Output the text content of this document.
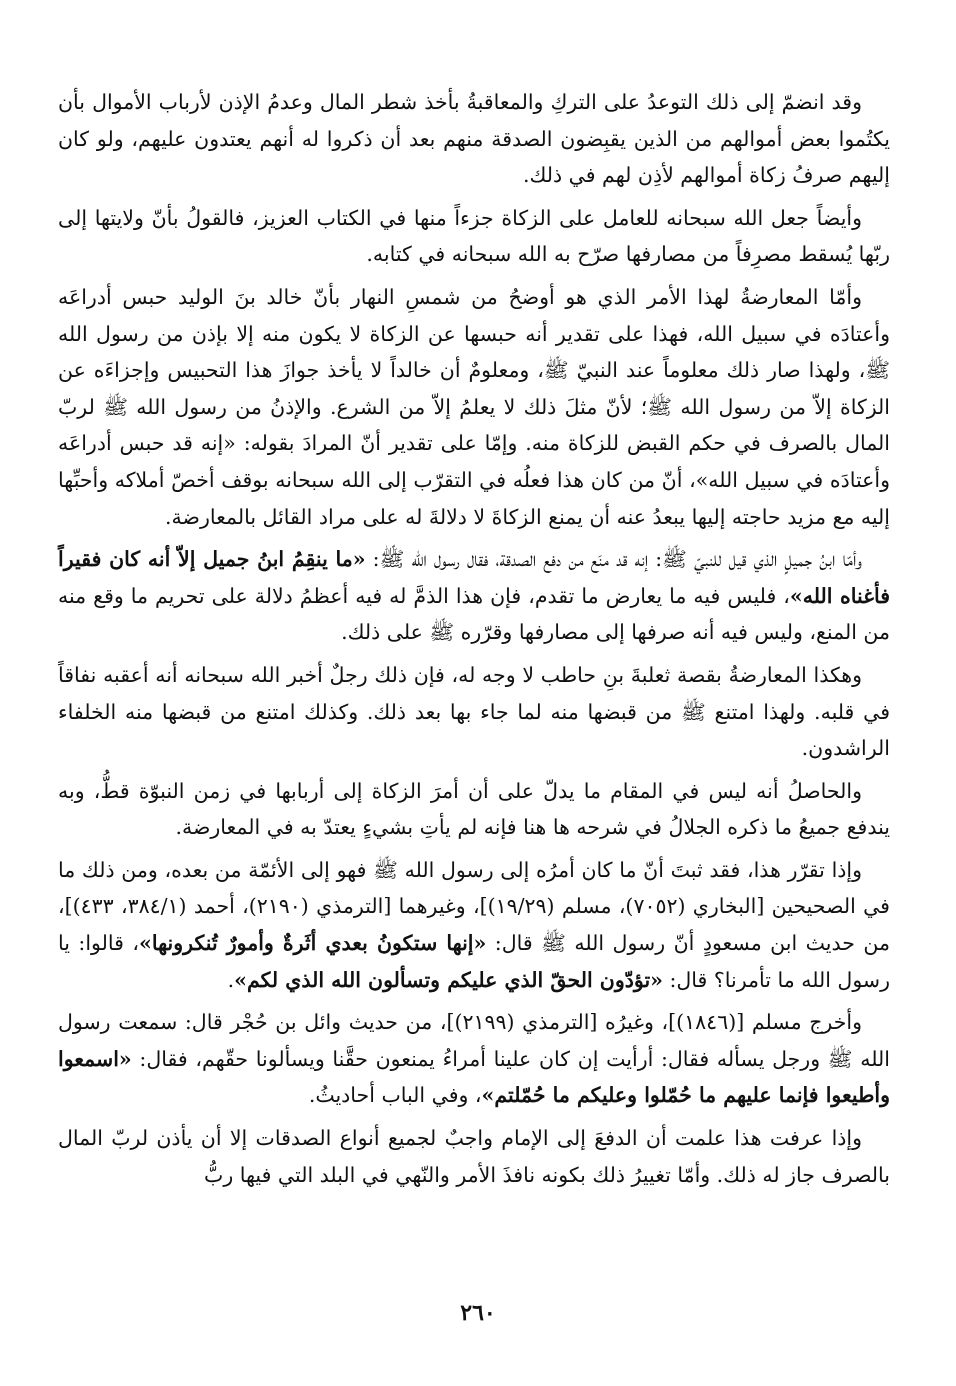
وقد انضمّ إلى ذلك التوعدُ على التركِ والمعاقبةُ بأخذ شطر المال وعدمُ الإذن لأرباب الأموال بأن يكتُموا بعض أموالهم من الذين يقبِضون الصدقة منهم بعد أن ذكروا له أنهم يعتدون عليهم، ولو كان إليهم صرفُ زكاة أموالهم لأذِن لهم في ذلك.

وأيضاً جعل الله سبحانه للعامل على الزكاة جزءاً منها في الكتاب العزيز، فالقولُ بأنّ ولايتها إلى ربّها يُسقط مصرِفاً من مصارفها صرّح به الله سبحانه في كتابه.

وأمّا المعارضةُ لهذا الأمر الذي هو أوضحُ من شمسِ النهار بأنّ خالد بنَ الوليد حبس أدراعَه وأعتادَه في سبيل الله، فهذا على تقدير أنه حبسها عن الزكاة لا يكون منه إلا بإذن من رسول الله ﷺ، ولهذا صار ذلك معلوماً عند النبيّ ﷺ، ومعلومٌ أن خالداً لا يأخذ جوازَ هذا التحبيس وإجزاءَه عن الزكاة إلاّ من رسول الله ﷺ؛ لأنّ مثلَ ذلك لا يعلمُ إلاّ من الشرع. والإذنُ من رسول الله ﷺ لربّ المال بالصرف في حكم القبض للزكاة منه. وإمّا على تقدير أنّ المرادَ بقوله: «إنه قد حبس أدراعَه وأعتادَه في سبيل الله»، أنّ من كان هذا فعلُه في التقرّب إلى الله سبحانه بوقف أخصّ أملاكه وأحبِّها إليه مع مزيد حاجته إليها يبعدُ عنه أن يمنع الزكاةَ لا دلالةَ له على مراد القائل بالمعارضة.

وأمّا ابنُ جميلٍ الذي قيل للنبيّ ﷺ: إنه قد منَع من دفع الصدقة، فقال رسول الله ﷺ: «ما ينقِمُ ابنُ جميل إلاّ أنه كان فقيراً فأغناه الله»، فليس فيه ما يعارض ما تقدم، فإن هذا الذمَّ له فيه أعظمُ دلالة على تحريم ما وقع منه من المنع، وليس فيه أنه صرفها إلى مصارفها وقرّره ﷺ على ذلك.

وهكذا المعارضةُ بقصة ثعلبةَ بنِ حاطب لا وجه له، فإن ذلك رجلٌ أخبر الله سبحانه أنه أعقبه نفاقاً في قلبه. ولهذا امتنع ﷺ من قبضها منه لما جاء بها بعد ذلك. وكذلك امتنع من قبضها منه الخلفاء الراشدون.

والحاصلُ أنه ليس في المقام ما يدلّ على أن أمرَ الزكاة إلى أربابها في زمن النبوّة قطُّ، وبه يندفع جميعُ ما ذكره الجلالُ في شرحه ها هنا فإنه لم يأتِ بشيءٍ يعتدّ به في المعارضة.

وإذا تقرّر هذا، فقد ثبتَ أنّ ما كان أمرُه إلى رسول الله ﷺ فهو إلى الأئمّة من بعده، ومن ذلك ما في الصحيحين [البخاري (٧٠٥٢)، مسلم (١٩/٢٩)]، وغيرهما [الترمذي (٢١٩٠)، أحمد (٣٨٤/١، ٤٣٣)]، من حديث ابن مسعودٍ أنّ رسول الله ﷺ قال: «إنها ستكونُ بعدي أثَرةٌ وأمورٌ تُنكرونها»، قالوا: يا رسول الله ما تأمرنا؟ قال: «تؤدّون الحقّ الذي عليكم وتسألون الله الذي لكم».

وأخرج مسلم [(١٨٤٦)]، وغيرُه [الترمذي (٢١٩٩)]، من حديث وائل بن حُجْر قال: سمعت رسول الله ﷺ ورجل يسأله فقال: أرأيت إن كان علينا أمراءُ يمنعون حقَّنا ويسألونا حقّهم، فقال: «اسمعوا وأطيعوا فإنما عليهم ما حُمّلوا وعليكم ما حُمّلتم»، وفي الباب أحاديثُ.

وإذا عرفت هذا علمت أن الدفعَ إلى الإمام واجبٌ لجميع أنواع الصدقات إلا أن يأذن لربّ المال بالصرف جاز له ذلك. وأمّا تغييرُ ذلك بكونه نافذَ الأمر والنّهي في البلد التي فيها ربُّ

٢٦٠
